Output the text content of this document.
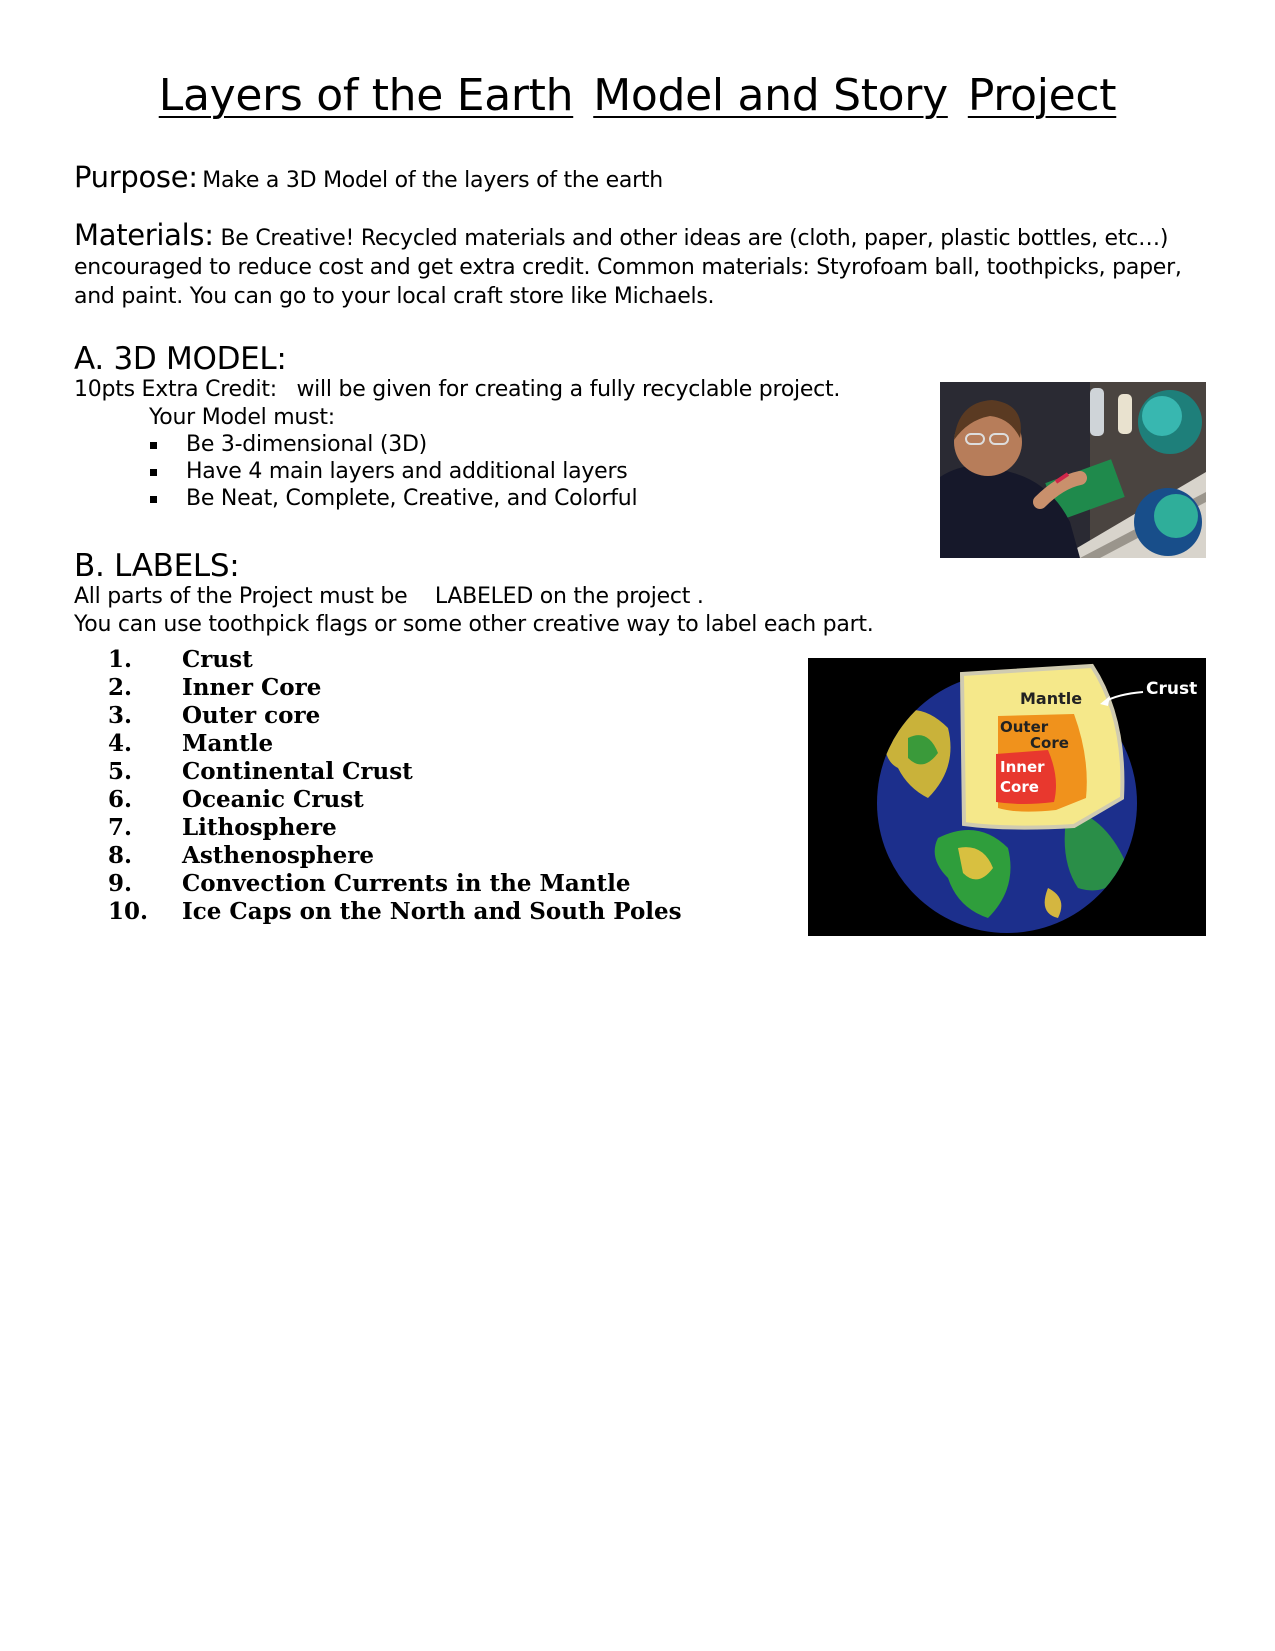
Layers of the Earth Model and Story Project
Purpose: Make a 3D Model of the layers of the earth
Materials: Be Creative! Recycled materials and other ideas are (cloth, paper, plastic bottles, etc…) encouraged to reduce cost and get extra credit. Common materials: Styrofoam ball, toothpicks, paper, and paint. You can go to your local craft store like Michaels.
A. 3D MODEL:
10pts Extra Credit: will be given for creating a fully recyclable project.
Your Model must:
Be 3-dimensional (3D)
Have 4 main layers and additional layers
Be Neat, Complete, Creative, and Colorful
B. LABELS:
All parts of the Project must be LABELED on the project .
You can use toothpick flags or some other creative way to label each part.
1. Crust
2. Inner Core
3. Outer core
4. Mantle
5. Continental Crust
6. Oceanic Crust
7. Lithosphere
8. Asthenosphere
9. Convection Currents in the Mantle
10. Ice Caps on the North and South Poles
Mantle
Outer
Core
Inner
Core
Crust
